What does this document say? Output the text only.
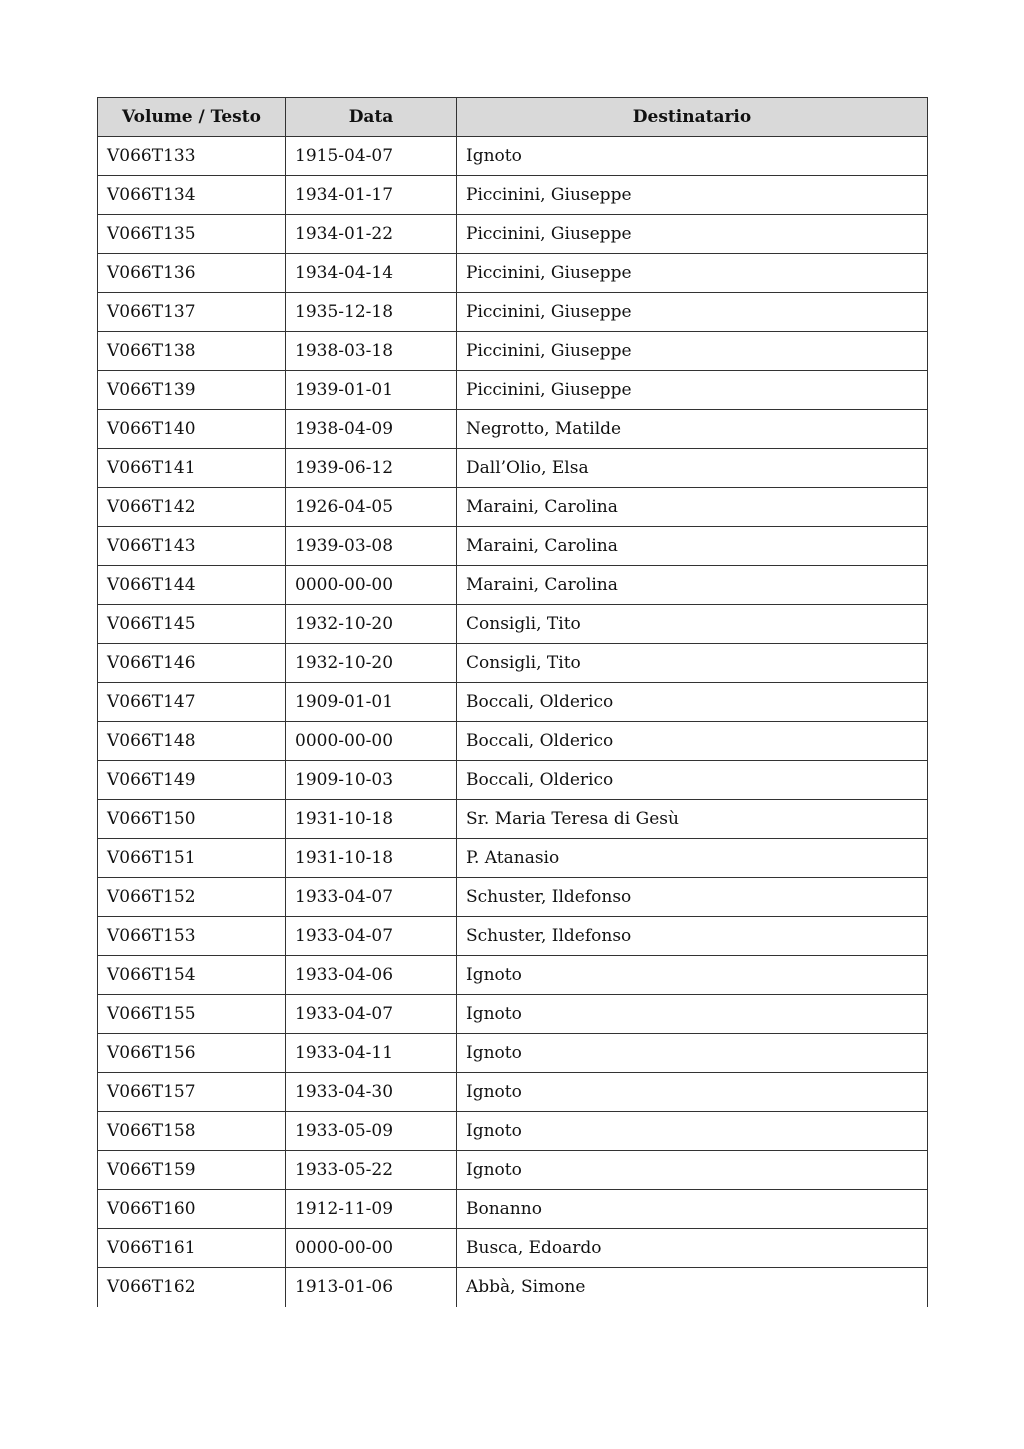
Volume / Testo	Data	Destinatario
V066T133	1915-04-07	Ignoto
V066T134	1934-01-17	Piccinini, Giuseppe
V066T135	1934-01-22	Piccinini, Giuseppe
V066T136	1934-04-14	Piccinini, Giuseppe
V066T137	1935-12-18	Piccinini, Giuseppe
V066T138	1938-03-18	Piccinini, Giuseppe
V066T139	1939-01-01	Piccinini, Giuseppe
V066T140	1938-04-09	Negrotto, Matilde
V066T141	1939-06-12	Dall’Olio, Elsa
V066T142	1926-04-05	Maraini, Carolina
V066T143	1939-03-08	Maraini, Carolina
V066T144	0000-00-00	Maraini, Carolina
V066T145	1932-10-20	Consigli, Tito
V066T146	1932-10-20	Consigli, Tito
V066T147	1909-01-01	Boccali, Olderico
V066T148	0000-00-00	Boccali, Olderico
V066T149	1909-10-03	Boccali, Olderico
V066T150	1931-10-18	Sr. Maria Teresa di Gesù
V066T151	1931-10-18	P. Atanasio
V066T152	1933-04-07	Schuster, Ildefonso
V066T153	1933-04-07	Schuster, Ildefonso
V066T154	1933-04-06	Ignoto
V066T155	1933-04-07	Ignoto
V066T156	1933-04-11	Ignoto
V066T157	1933-04-30	Ignoto
V066T158	1933-05-09	Ignoto
V066T159	1933-05-22	Ignoto
V066T160	1912-11-09	Bonanno
V066T161	0000-00-00	Busca, Edoardo
V066T162	1913-01-06	Abbà, Simone
